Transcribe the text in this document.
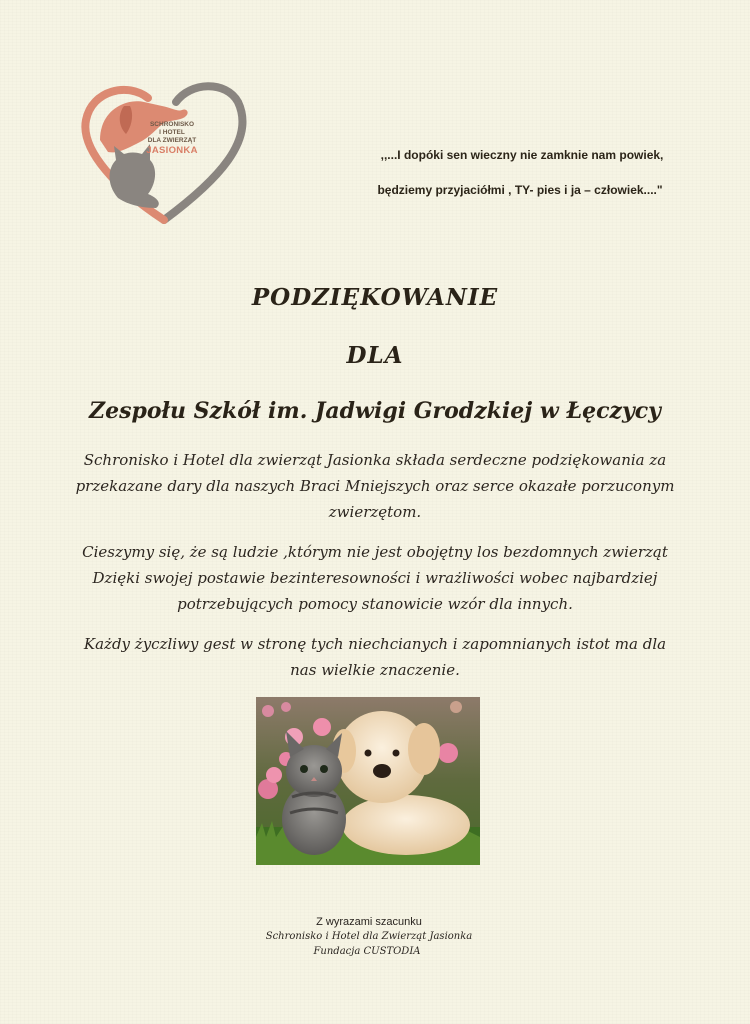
SCHRONISKO
I HOTEL
DLA ZWIERZĄT
JASIONKA	,,...I dopóki sen wieczny nie zamknie nam powiek,
będziemy przyjaciółmi , TY- pies i ja – człowiek...."
PODZIĘKOWANIE
DLA
Zespołu Szkół im. Jadwigi Grodzkiej w Łęczycy
Schronisko i Hotel dla zwierząt Jasionka składa serdeczne podziękowania za
przekazane dary dla naszych Braci Mniejszych oraz serce okazałe porzuconym
zwierzętom.
Cieszymy się, że są ludzie ,którym nie jest obojętny los bezdomnych zwierząt
Dzięki swojej postawie bezinteresowności i wrażliwości wobec najbardziej
potrzebujących pomocy stanowicie wzór dla innych.
Każdy życzliwy gest w stronę tych niechcianych i zapomnianych istot ma dla
nas wielkie znaczenie.
Z wyrazami szacunku
Schronisko i Hotel dla Zwierząt Jasionka
Fundacja CUSTODIA
